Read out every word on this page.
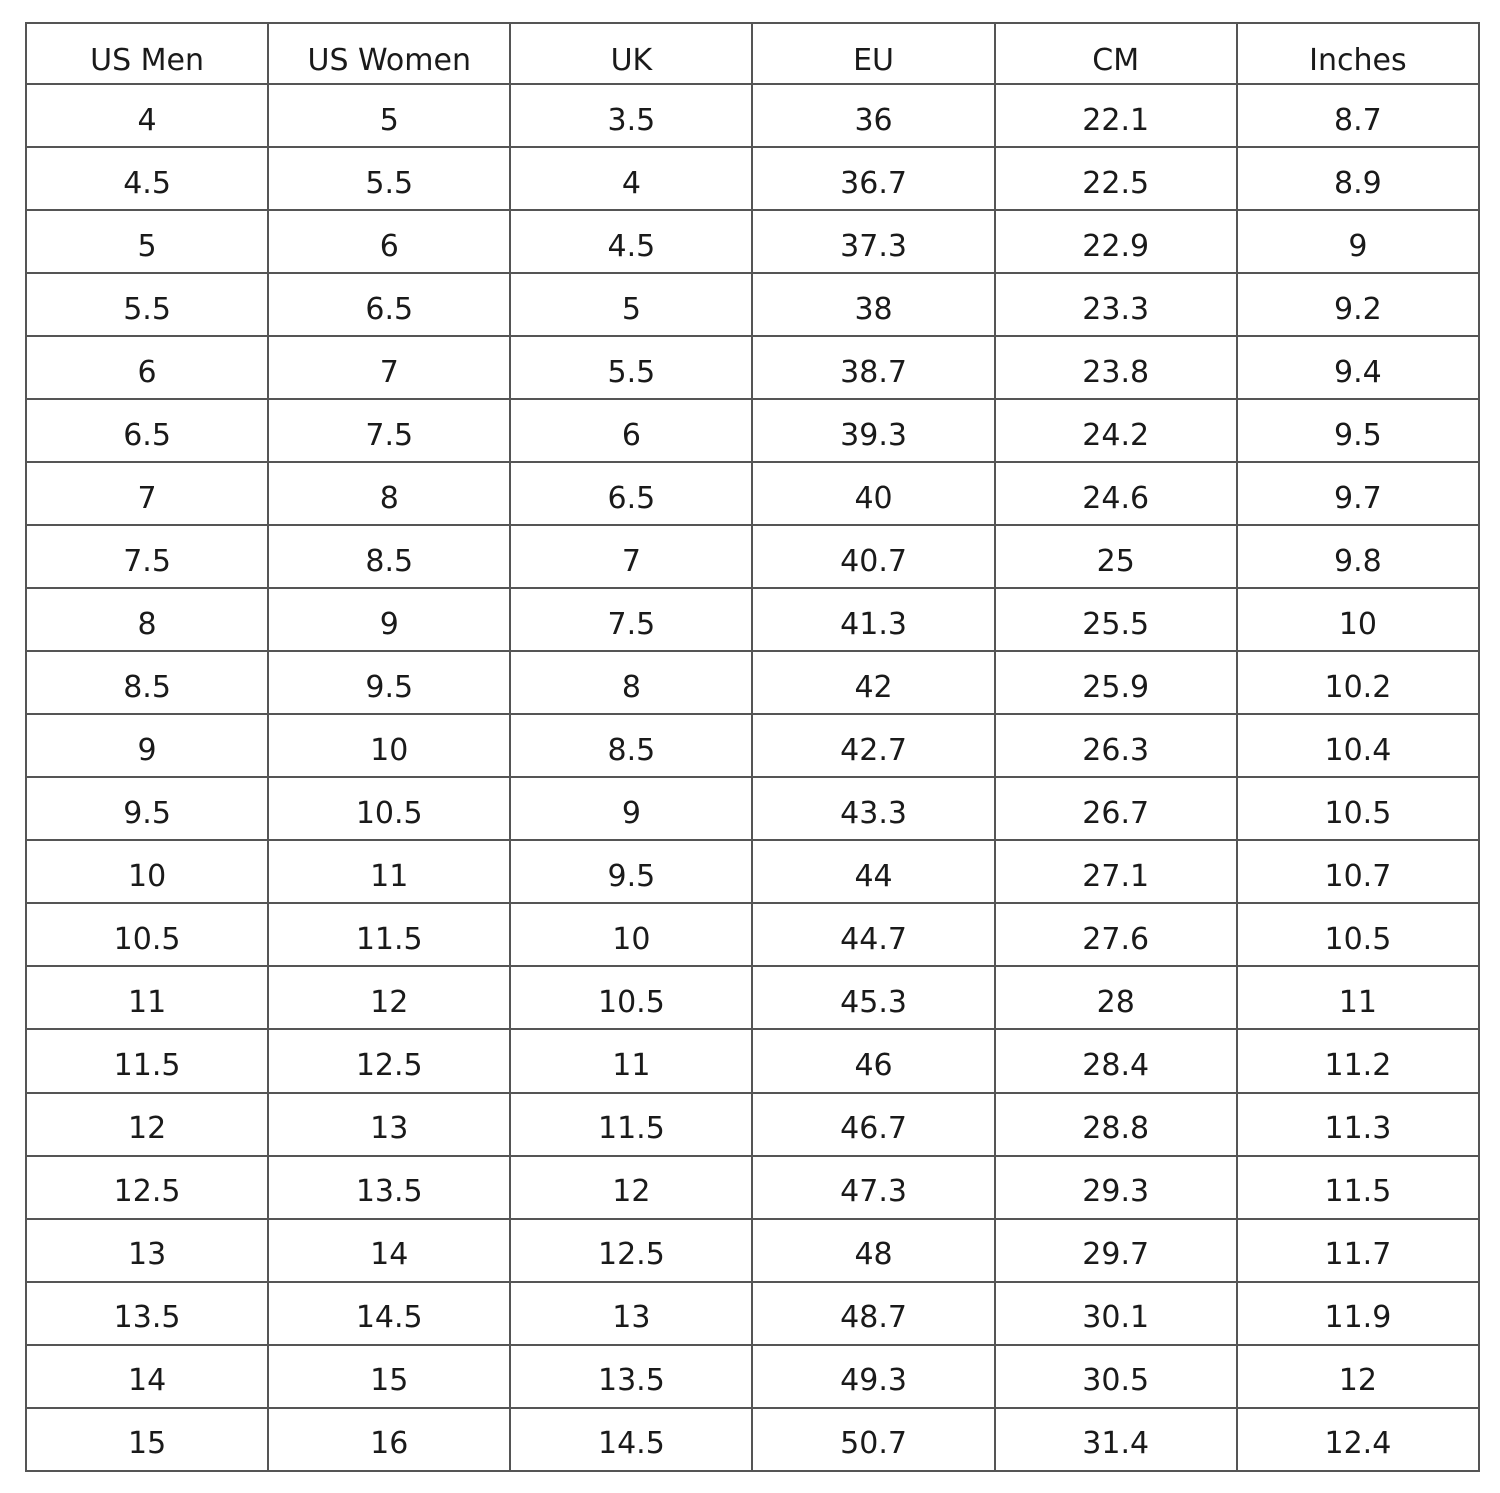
US Men	US Women	UK	EU	CM	Inches
4	5	3.5	36	22.1	8.7
4.5	5.5	4	36.7	22.5	8.9
5	6	4.5	37.3	22.9	9
5.5	6.5	5	38	23.3	9.2
6	7	5.5	38.7	23.8	9.4
6.5	7.5	6	39.3	24.2	9.5
7	8	6.5	40	24.6	9.7
7.5	8.5	7	40.7	25	9.8
8	9	7.5	41.3	25.5	10
8.5	9.5	8	42	25.9	10.2
9	10	8.5	42.7	26.3	10.4
9.5	10.5	9	43.3	26.7	10.5
10	11	9.5	44	27.1	10.7
10.5	11.5	10	44.7	27.6	10.5
11	12	10.5	45.3	28	11
11.5	12.5	11	46	28.4	11.2
12	13	11.5	46.7	28.8	11.3
12.5	13.5	12	47.3	29.3	11.5
13	14	12.5	48	29.7	11.7
13.5	14.5	13	48.7	30.1	11.9
14	15	13.5	49.3	30.5	12
15	16	14.5	50.7	31.4	12.4
